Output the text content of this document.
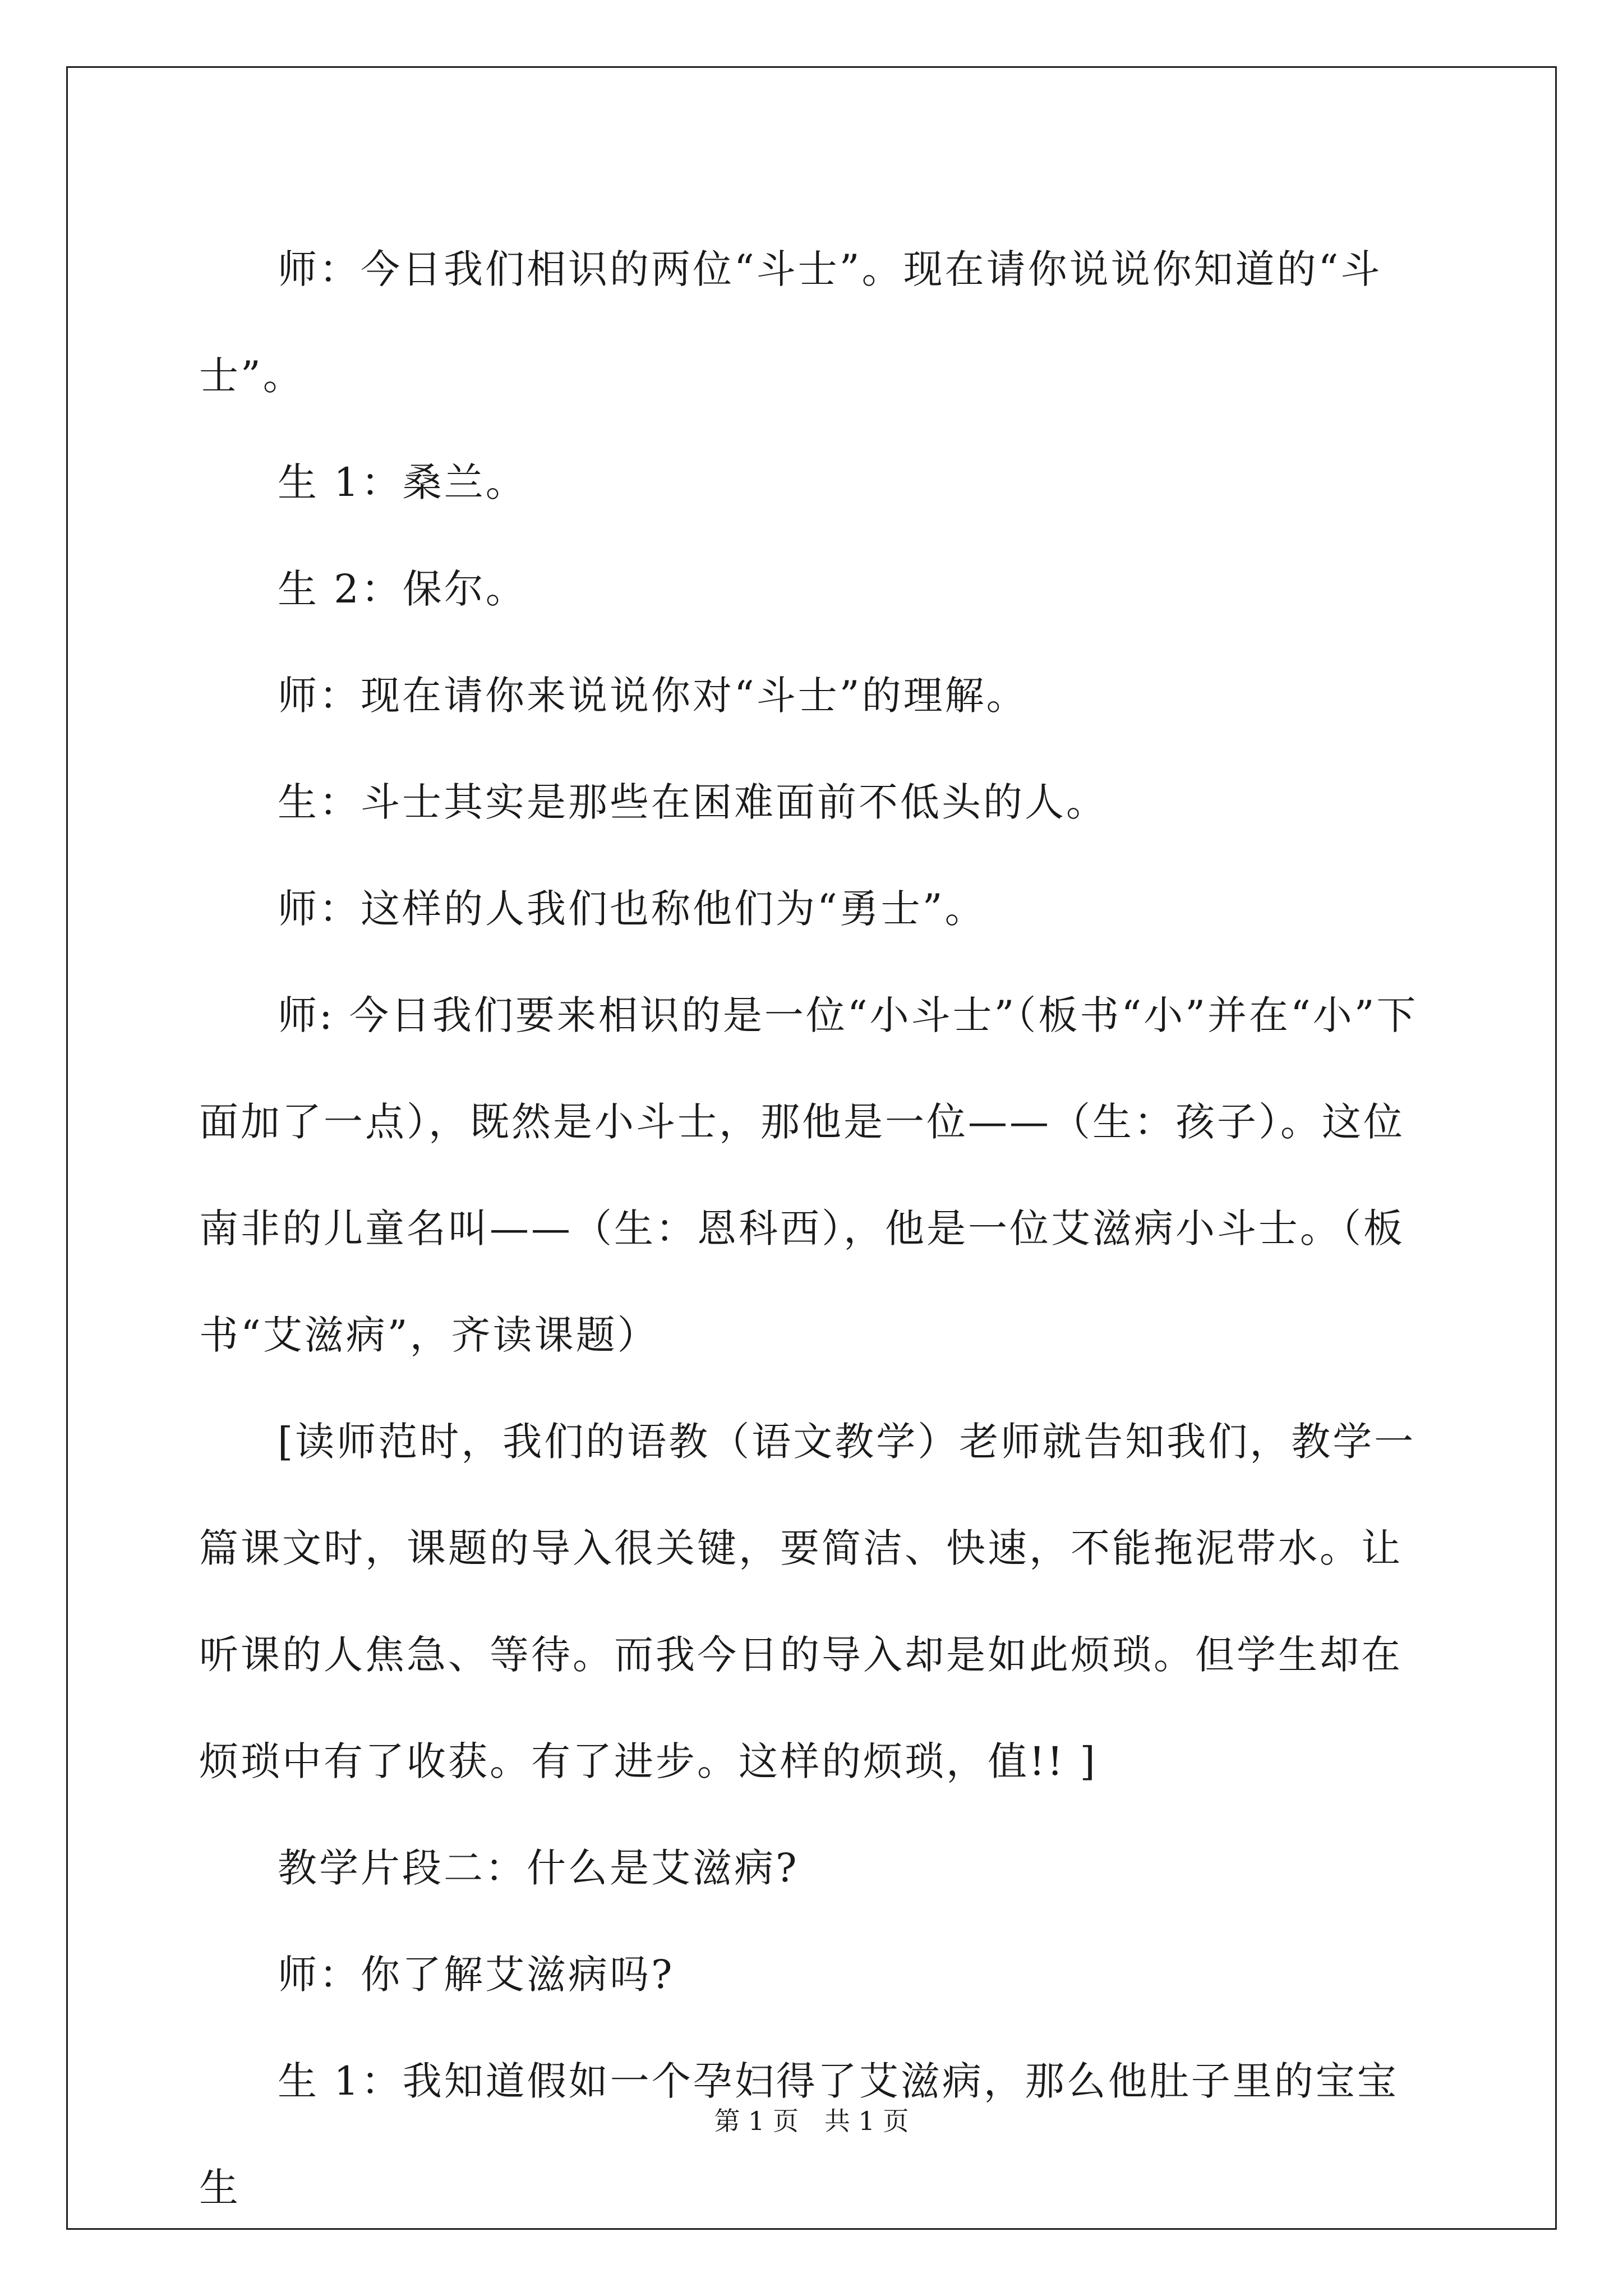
师：今日我们相识的两位“斗士”。现在请你说说你知道的“斗士”。

生 1：桑兰。

生 2：保尔。

师：现在请你来说说你对“斗士”的理解。

生：斗士其实是那些在困难面前不低头的人。

师：这样的人我们也称他们为“勇士”。

师: 今日我们要来相识的是一位“小斗士”（板书“小”并在“小”下面加了一点），既然是小斗士，那他是一位——（生：孩子）。这位南非的儿童名叫——（生：恩科西），他是一位艾滋病小斗士。（板书“艾滋病”，齐读课题）

[读师范时，我们的语教（语文教学）老师就告知我们，教学一篇课文时，课题的导入很关键，要简洁、快速，不能拖泥带水。让听课的人焦急、等待。而我今日的导入却是如此烦琐。但学生却在烦琐中有了收获。有了进步。这样的烦琐，值!! ]

教学片段二：什么是艾滋病?

师：你了解艾滋病吗?

生 1：我知道假如一个孕妇得了艾滋病，那么他肚子里的宝宝生

第 1 页　共 1 页
